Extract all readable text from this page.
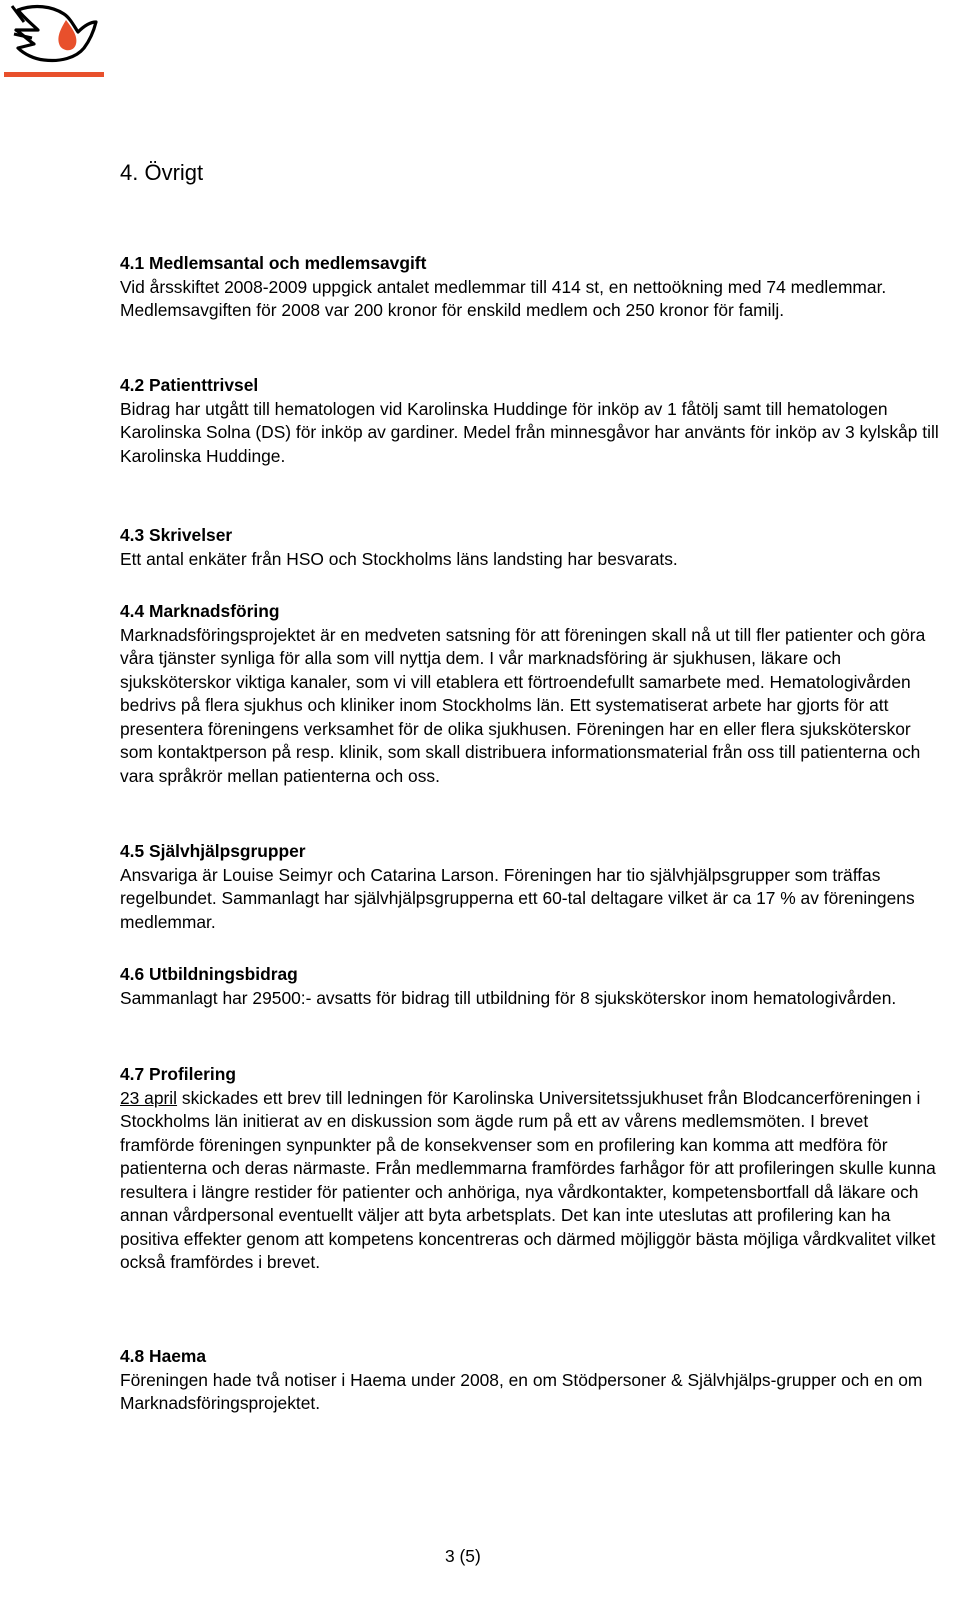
4. Övrigt
4.1 Medlemsantal och medlemsavgift
Vid årsskiftet 2008-2009 uppgick antalet medlemmar till 414 st, en nettoökning med 74 medlemmar. Medlemsavgiften för 2008 var 200 kronor för enskild medlem och 250 kronor för familj.
4.2 Patienttrivsel
Bidrag har utgått till hematologen vid Karolinska Huddinge för inköp av 1 fåtölj samt till hematologen Karolinska Solna (DS) för inköp av gardiner. Medel från minnesgåvor har använts för inköp av 3 kylskåp till Karolinska Huddinge.
4.3 Skrivelser
Ett antal enkäter från HSO och Stockholms läns landsting har besvarats.
4.4 Marknadsföring
Marknadsföringsprojektet är en medveten satsning för att föreningen skall nå ut till fler patienter och göra våra tjänster synliga för alla som vill nyttja dem. I vår marknadsföring är sjukhusen, läkare och sjuksköterskor viktiga kanaler, som vi vill etablera ett förtroendefullt samarbete med. Hematologivården bedrivs på flera sjukhus och kliniker inom Stockholms län. Ett systematiserat arbete har gjorts för att presentera föreningens verksamhet för de olika sjukhusen. Föreningen har en eller flera sjuksköterskor som kontaktperson på resp. klinik, som skall distribuera informationsmaterial från oss till patienterna och vara språkrör mellan patienterna och oss.
4.5 Självhjälpsgrupper
Ansvariga är Louise Seimyr och Catarina Larson. Föreningen har tio självhjälpsgrupper som träffas regelbundet. Sammanlagt har självhjälpsgrupperna ett 60-tal deltagare vilket är ca 17 % av föreningens medlemmar.
4.6 Utbildningsbidrag
Sammanlagt har 29500:- avsatts för bidrag till utbildning för 8 sjuksköterskor inom hematologivården.
4.7 Profilering
23 april skickades ett brev till ledningen för Karolinska Universitetssjukhuset från Blodcancerföreningen i Stockholms län initierat av en diskussion som ägde rum på ett av vårens medlemsmöten. I brevet framförde föreningen synpunkter på de konsekvenser som en profilering kan komma att medföra för patienterna och deras närmaste. Från medlemmarna framfördes farhågor för att profileringen skulle kunna resultera i längre restider för patienter och anhöriga, nya vårdkontakter, kompetensbortfall då läkare och annan vårdpersonal eventuellt väljer att byta arbetsplats. Det kan inte uteslutas att profilering kan ha positiva effekter genom att kompetens koncentreras och därmed möjliggör bästa möjliga vårdkvalitet vilket också framfördes i brevet.
4.8 Haema
Föreningen hade två notiser i Haema under 2008, en om Stödpersoner & Självhjälps-grupper och en om Marknadsföringsprojektet.
3 (5)
